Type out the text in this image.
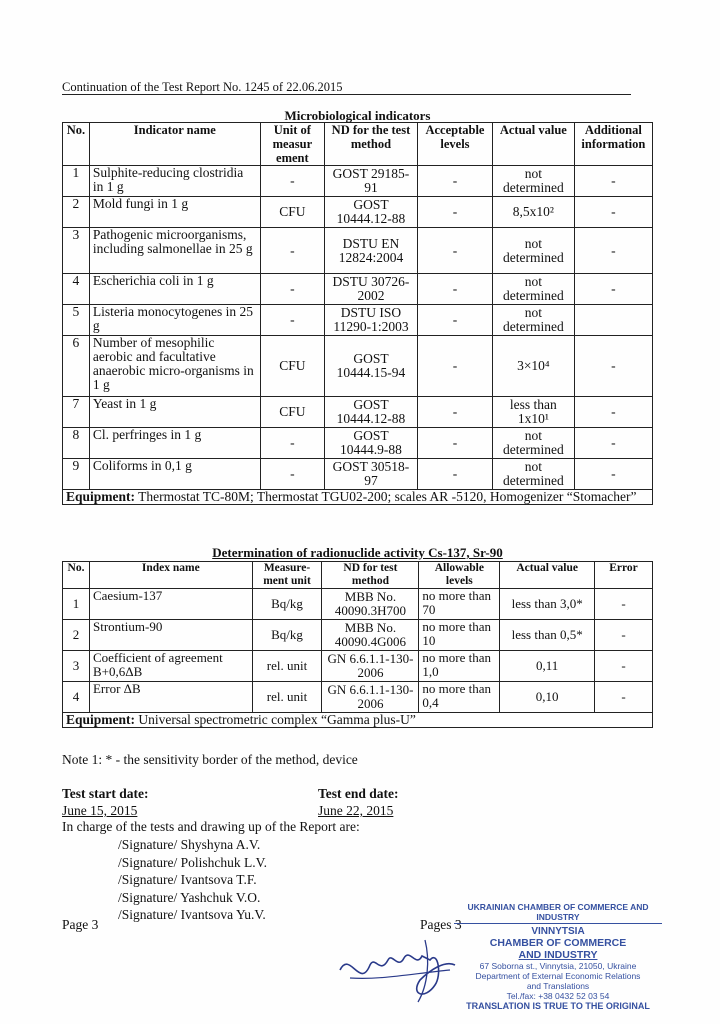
Continuation of the Test Report No. 1245 of 22.06.2015
Microbiological indicators						
No.	Indicator name	Unit of measur ement	ND for the test method	Acceptable levels	Actual value	Additional information
1	Sulphite-reducing clostridia in 1 g	-	GOST 29185-91	-	not determined	-
2	Mold fungi in 1 g	CFU	GOST 10444.12-88	-	8,5x10²	-
3	Pathogenic microorganisms, including salmonellae in 25 g	-	DSTU EN 12824:2004	-	not determined	-
4	Escherichia coli in 1 g	-	DSTU 30726-2002	-	not determined	-
5	Listeria monocytogenes in 25 g	-	DSTU ISO 11290-1:2003	-	not determined	
6	Number of mesophilic aerobic and facultative anaerobic micro-organisms in 1 g	CFU	GOST 10444.15-94	-	3×10⁴	-
7	Yeast in 1 g	CFU	GOST 10444.12-88	-	less than 1x10¹	-
8	Cl. perfringes in 1 g	-	GOST 10444.9-88	-	not determined	-
9	Coliforms in 0,1 g	-	GOST 30518-97	-	not determined	-
Equipment: Thermostat TC-80M; Thermostat TGU02-200; scales AR -5120, Homogenizer “Stomacher”						
Determination of radionuclide activity Cs-137, Sr-90
No.	Index name	Measure- ment unit	ND for test method	Allowable levels	Actual value	Error
1	Caesium-137	Bq/kg	MBB No. 40090.3H700	no more than 70	less than 3,0*	-
2	Strontium-90	Bq/kg	MBB No. 40090.4G006	no more than 10	less than 0,5*	-
3	Coefficient of agreement B+0,6ΔB	rel. unit	GN 6.6.1.1-130-2006	no more than 1,0	0,11	-
4	Error ΔB	rel. unit	GN 6.6.1.1-130-2006	no more than 0,4	0,10	-
Equipment: Universal spectrometric complex “Gamma plus-U”						
Note 1: * - the sensitivity border of the method, device
Test start date:
June 15, 2015
Test end date:
June 22, 2015
In charge of the tests and drawing up of the Report are:
/Signature/ Shyshyna A.V.
/Signature/ Polishchuk L.V.
/Signature/ Ivantsova T.F.
/Signature/ Yashchuk V.O.
/Signature/ Ivantsova Yu.V.
Page 3	Pages 3
UKRAINIAN CHAMBER OF COMMERCE AND INDUSTRY
VINNYTSIA
CHAMBER OF COMMERCE
AND INDUSTRY
67 Soborna st., Vinnytsia, 21050, Ukraine
Department of External Economic Relations
and Translations
Tel./fax: +38 0432 52 03 54
TRANSLATION IS TRUE TO THE ORIGINAL
